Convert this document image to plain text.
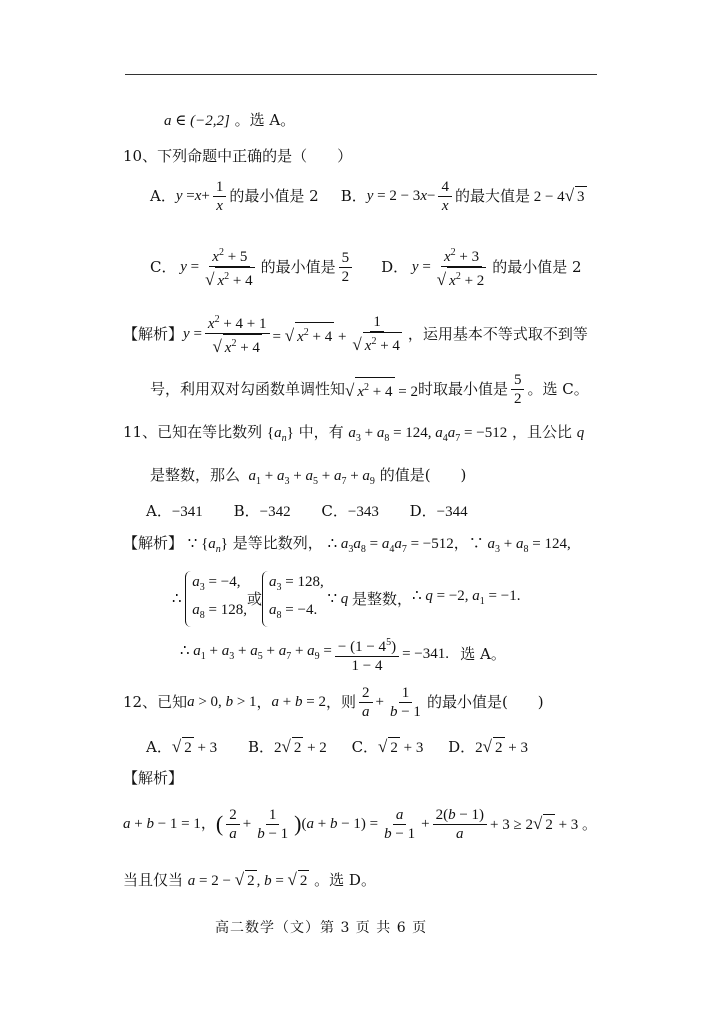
a ∈ (−2,2] 。选 A。
10、下列命题中正确的是（　　）
A． $y = x + \frac{1}{x}$ 的最小值是 2 B． y = 2 − 3 $x - \frac{4}{x}$ 的最大值是 2 − 4√ 3
C． $y = \frac{x^2 + 5}{√ x^2 + 4}$ 的最小值是 $\frac{5}{2}$ D． $y = \frac{x^2 + 3}{√ x^2 + 2}$ 的最小值是 2
【解析】 $y = \frac{x^2 + 4 + 1}{√ x^2 + 4}$ = √ $x^2 + 4 + \frac{1}{√ x^2 + 4}$ ，运用基本不等式取不到等
号，利用双对勾函数单调性知 √ $x^2 + 4 = 2$ 时取最小值是 $\frac{5}{2}$ 。选 C。
11、已知在等比数列 $\{a_n\}$ 中，有 $a_3 + a_8 = 124$, $a_4a_7 = -512$ ，且公比 q
是整数，那么 $a_1 + a_3 + a_5 + a_7 + a_9$ 的值是(　　)
A．−341 B．−342 C．−343 D．−344
【解析】 ∵ $\{a_n\}$ 是等比数列， ∴ $a_3a_8 = a_4a_7 = -512$，∵ $a_3 + a_8 = 124$,
∴
$a_3 = -4$,
$a_8 = 128$,
或
$a_3 = 128$,
$a_8 = -4$.
∵ q 是整数， ∴ q = −2, $a_1 = -1$.
∴ $a_1 + a_3 + a_5 + a_7 + a_9 = \frac{- (1 - 4^5)}{1 - 4} = -341$. 选 A。
12、已知 a > 0, b > 1 ， a + b = 2 ，则 $\frac{2}{a} + \frac{1}{b - 1}$ 的最小值是(　　)
A．√ 2 + 3 B．2√ 2 + 2 C．√ 2 + 3 D．2√ 2 + 3
【解析】
a + b − 1 = 1， ( $\frac{2}{a} + \frac{1}{b - 1}$ ) $(a + b - 1) = \frac{a}{b - 1} + \frac{2(b - 1)}{a} + 3 \ge 2√$ 2 + 3 。
当且仅当 a = 2 − √ 2 , b = √ 2 。选 D。
高二数学（文）第 3 页 共 6 页
